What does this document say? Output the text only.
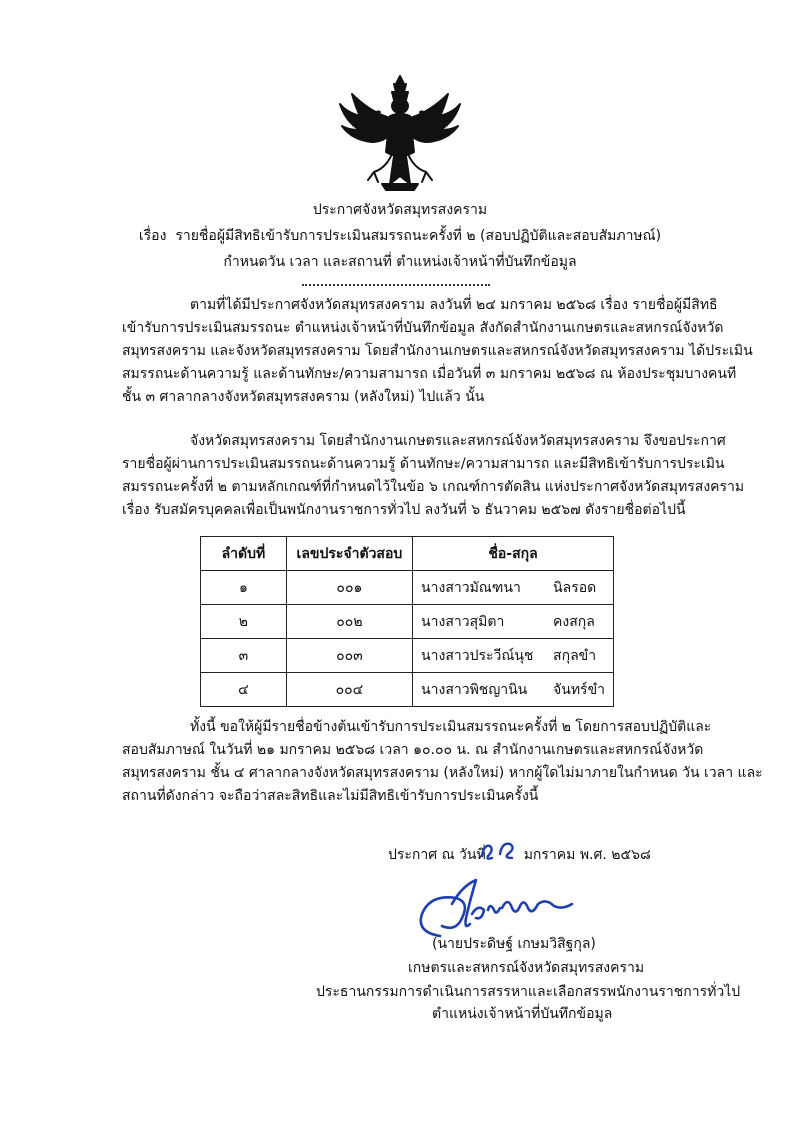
ประกาศจังหวัดสมุทรสงคราม
เรื่อง รายชื่อผู้มีสิทธิเข้ารับการประเมินสมรรถนะครั้งที่ ๒ (สอบปฏิบัติและสอบสัมภาษณ์)
กำหนดวัน เวลา และสถานที่ ตำแหน่งเจ้าหน้าที่บันทึกข้อมูล
ตามที่ได้มีประกาศจังหวัดสมุทรสงคราม ลงวันที่ ๒๔ มกราคม ๒๕๖๘ เรื่อง รายชื่อผู้มีสิทธิ
เข้ารับการประเมินสมรรถนะ ตำแหน่งเจ้าหน้าที่บันทึกข้อมูล สังกัดสำนักงานเกษตรและสหกรณ์จังหวัด
สมุทรสงคราม และจังหวัดสมุทรสงคราม โดยสำนักงานเกษตรและสหกรณ์จังหวัดสมุทรสงคราม ได้ประเมิน
สมรรถนะด้านความรู้ และด้านทักษะ/ความสามารถ เมื่อวันที่ ๓ มกราคม ๒๕๖๘ ณ ห้องประชุมบางคนที
ชั้น ๓ ศาลากลางจังหวัดสมุทรสงคราม (หลังใหม่) ไปแล้ว นั้น
จังหวัดสมุทรสงคราม โดยสำนักงานเกษตรและสหกรณ์จังหวัดสมุทรสงคราม จึงขอประกาศ
รายชื่อผู้ผ่านการประเมินสมรรถนะด้านความรู้ ด้านทักษะ/ความสามารถ และมีสิทธิเข้ารับการประเมิน
สมรรถนะครั้งที่ ๒ ตามหลักเกณฑ์ที่กำหนดไว้ในข้อ ๖ เกณฑ์การตัดสิน แห่งประกาศจังหวัดสมุทรสงคราม
เรื่อง รับสมัครบุคคลเพื่อเป็นพนักงานราชการทั่วไป ลงวันที่ ๖ ธันวาคม ๒๕๖๗ ดังรายชื่อต่อไปนี้
ลำดับที่	เลขประจำตัวสอบ	ชื่อ-สกุล
๑	๐๐๑	นางสาวมัณฑนา นิลรอด
๒	๐๐๒	นางสาวสุมิตา คงสกุล
๓	๐๐๓	นางสาวประวีณ์นุช สกุลขำ
๔	๐๐๔	นางสาวพิชญานิน จันทร์ขำ
ทั้งนี้ ขอให้ผู้มีรายชื่อข้างต้นเข้ารับการประเมินสมรรถนะครั้งที่ ๒ โดยการสอบปฏิบัติและ
สอบสัมภาษณ์ ในวันที่ ๒๑ มกราคม ๒๕๖๘ เวลา ๑๐.๐๐ น. ณ สำนักงานเกษตรและสหกรณ์จังหวัด
สมุทรสงคราม ชั้น ๔ ศาลากลางจังหวัดสมุทรสงคราม (หลังใหม่) หากผู้ใดไม่มาภายในกำหนด วัน เวลา และ
สถานที่ดังกล่าว จะถือว่าสละสิทธิและไม่มีสิทธิเข้ารับการประเมินครั้งนี้
ประกาศ ณ วันที่	มกราคม พ.ศ. ๒๕๖๘
(นายประดิษฐ์ เกษมวิสิฐกุล)
เกษตรและสหกรณ์จังหวัดสมุทรสงคราม
ประธานกรรมการดำเนินการสรรหาและเลือกสรรพนักงานราชการทั่วไป
ตำแหน่งเจ้าหน้าที่บันทึกข้อมูล
